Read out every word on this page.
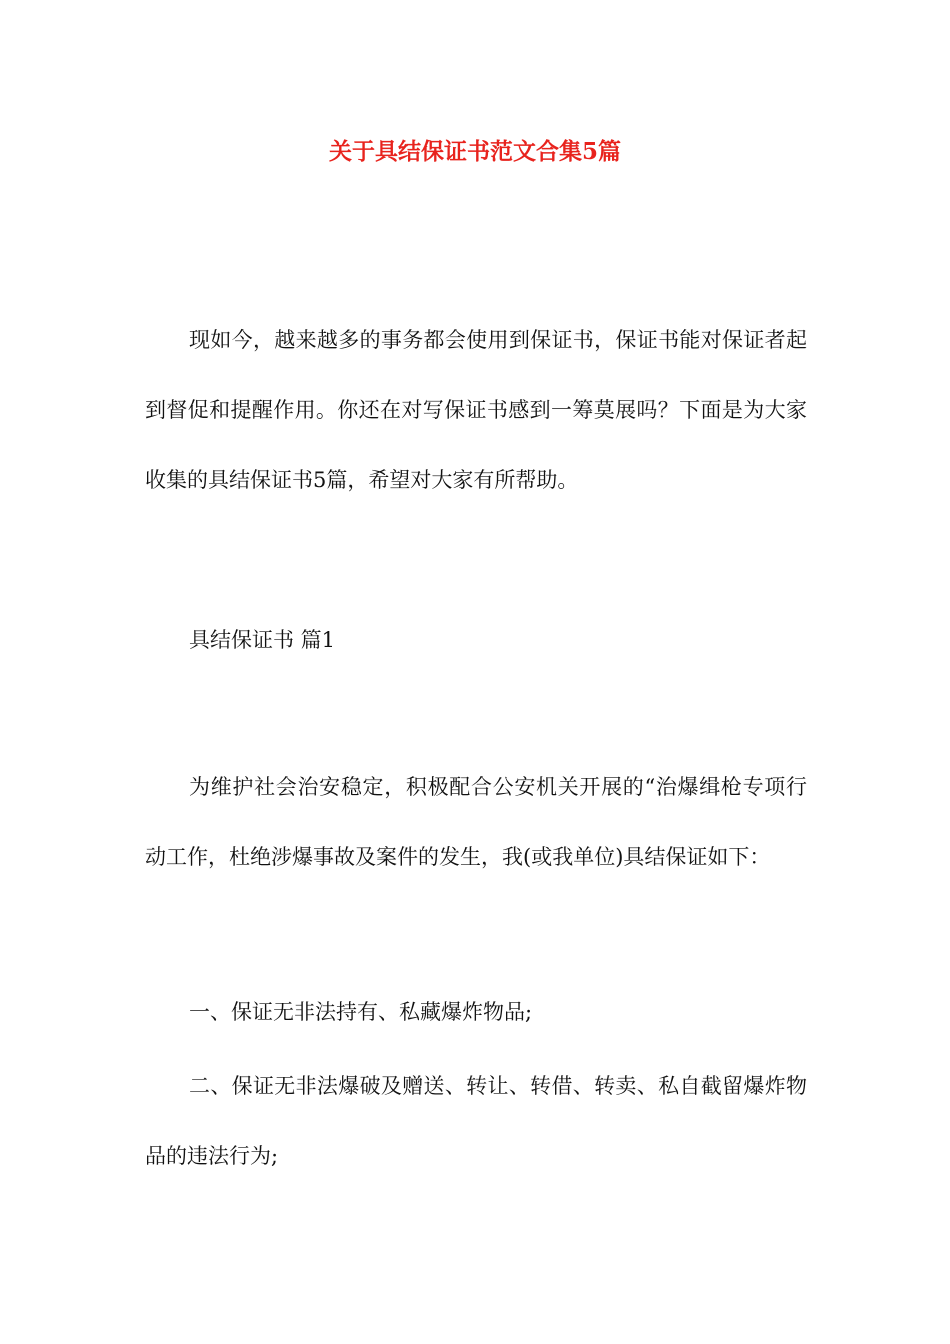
关于具结保证书范文合集5篇
现如今，越来越多的事务都会使用到保证书，保证书能对保证者起到督促和提醒作用。你还在对写保证书感到一筹莫展吗？下面是为大家收集的具结保证书5篇，希望对大家有所帮助。
具结保证书 篇1
为维护社会治安稳定，积极配合公安机关开展的“治爆缉枪专项行动工作，杜绝涉爆事故及案件的发生，我(或我单位)具结保证如下：
一、保证无非法持有、私藏爆炸物品;
二、保证无非法爆破及赠送、转让、转借、转卖、私自截留爆炸物品的违法行为;
